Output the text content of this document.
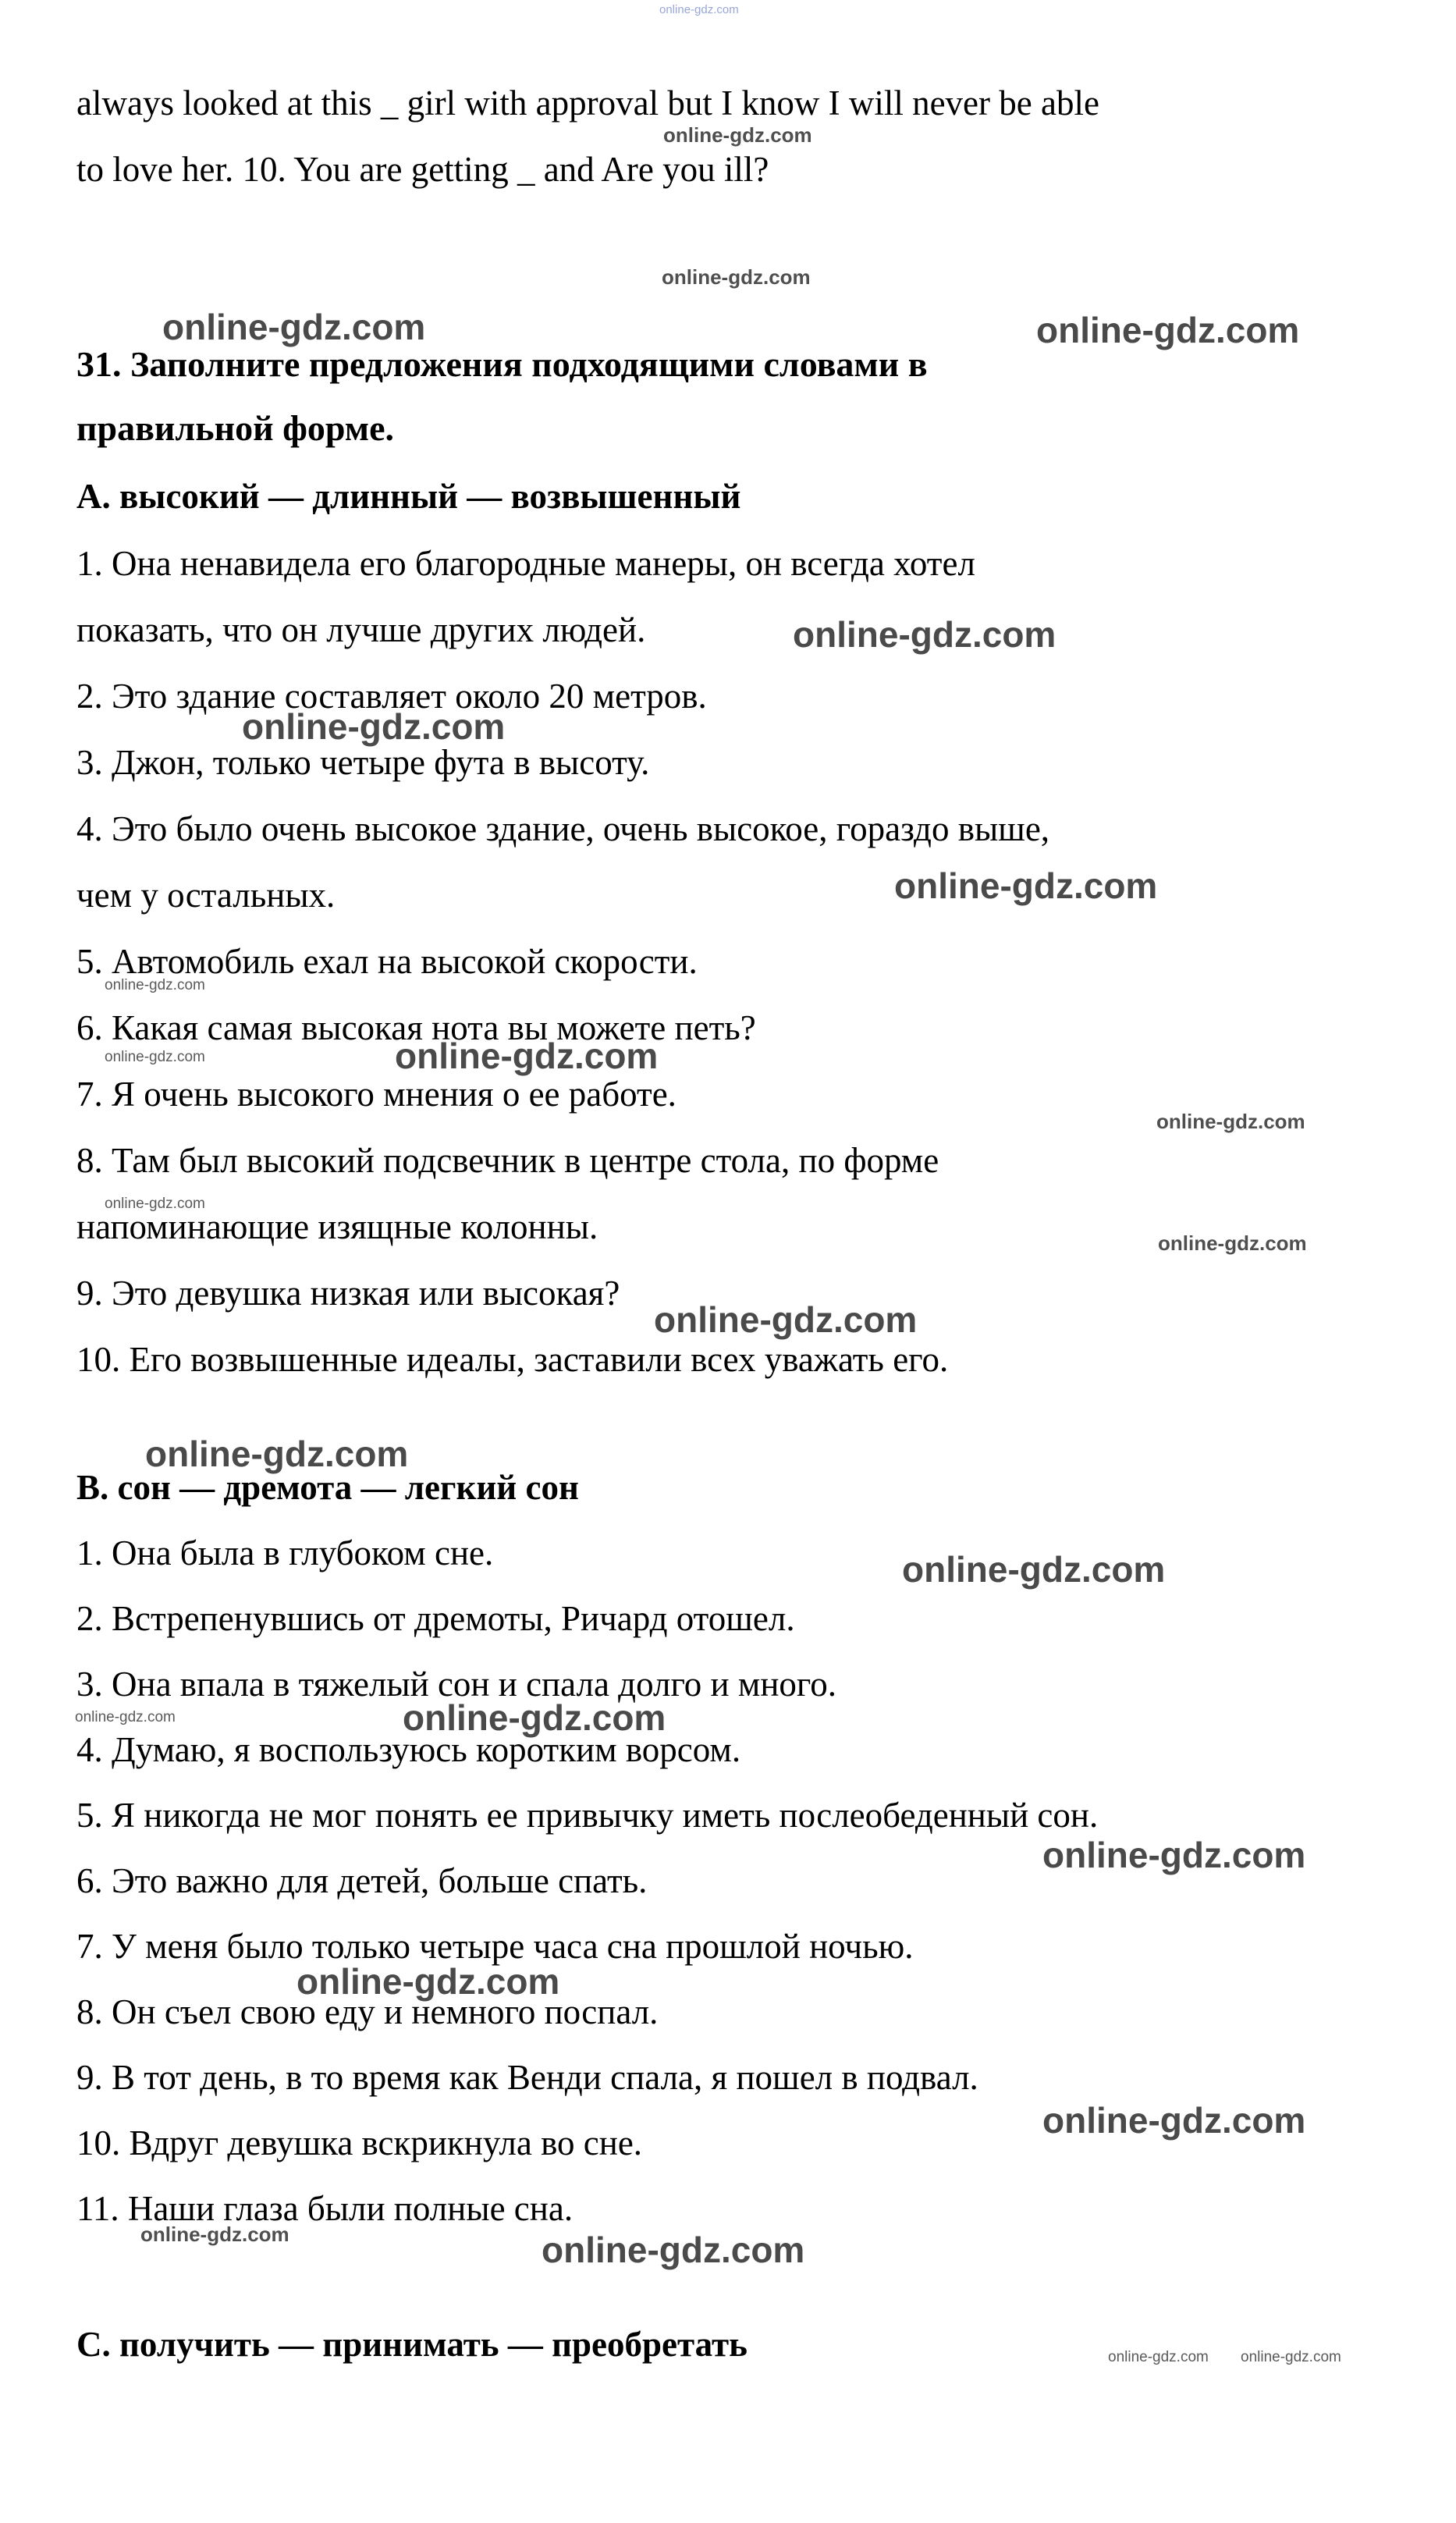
online-gdz.com
online-gdz.com
online-gdz.com
online-gdz.com	online-gdz.com
online-gdz.com
online-gdz.com
online-gdz.com
online-gdz.com
online-gdz.com	online-gdz.com
online-gdz.com
online-gdz.com
online-gdz.com
online-gdz.com
online-gdz.com
online-gdz.com
online-gdz.com	online-gdz.com
online-gdz.com
online-gdz.com
online-gdz.com
online-gdz.com	online-gdz.com
online-gdz.com online-gdz.com
always looked at this _ girl with approval but I know I will never be able
to love her. 10. You are getting _ and Are you ill?
31. Заполните предложения подходящими словами в
правильной форме.
А. высокий — длинный — возвышенный
1. Она ненавидела его благородные манеры, он всегда хотел
показать, что он лучше других людей.
2. Это здание составляет около 20 метров.
3. Джон, только четыре фута в высоту.
4. Это было очень высокое здание, очень высокое, гораздо выше,
чем у остальных.
5. Автомобиль ехал на высокой скорости.
6. Какая самая высокая нота вы можете петь?
7. Я очень высокого мнения о ее работе.
8. Там был высокий подсвечник в центре стола, по форме
напоминающие изящные колонны.
9. Это девушка низкая или высокая?
10. Его возвышенные идеалы, заставили всех уважать его.
В. сон — дремота — легкий сон
1. Она была в глубоком сне.
2. Встрепенувшись от дремоты, Ричард отошел.
3. Она впала в тяжелый сон и спала долго и много.
4. Думаю, я воспользуюсь коротким ворсом.
5. Я никогда не мог понять ее привычку иметь послеобеденный сон.
6. Это важно для детей, больше спать.
7. У меня было только четыре часа сна прошлой ночью.
8. Он съел свою еду и немного поспал.
9. В тот день, в то время как Венди спала, я пошел в подвал.
10. Вдруг девушка вскрикнула во сне.
11. Наши глаза были полные сна.
С. получить — принимать — преобретать
